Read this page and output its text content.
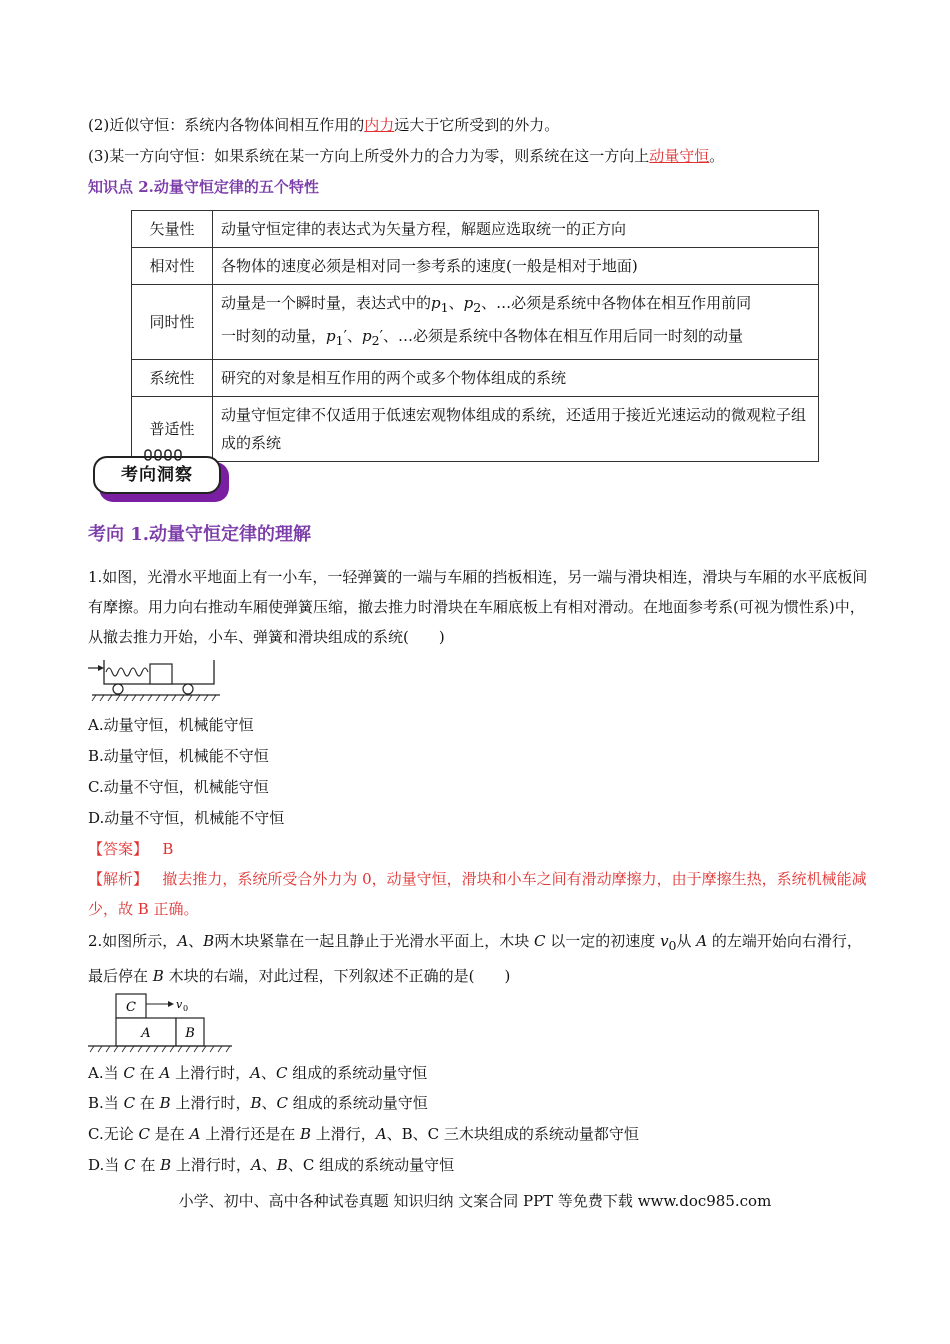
(2)近似守恒：系统内各物体间相互作用的内力远大于它所受到的外力。
(3)某一方向守恒：如果系统在某一方向上所受外力的合力为零，则系统在这一方向上动量守恒。
知识点 2.动量守恒定律的五个特性
矢量性	动量守恒定律的表达式为矢量方程，解题应选取统一的正方向
相对性	各物体的速度必须是相对同一参考系的速度(一般是相对于地面)
同时性	动量是一个瞬时量，表达式中的$p_1$、$p_2$、…必须是系统中各物体在相互作用前同
一时刻的动量，$p_1'$、$p_2'$、…必须是系统中各物体在相互作用后同一时刻的动量
系统性	研究的对象是相互作用的两个或多个物体组成的系统
普适性	动量守恒定律不仅适用于低速宏观物体组成的系统，还适用于接近光速运动的微观粒子组成的系统
考向洞察
考向 1.动量守恒定律的理解
1.如图，光滑水平地面上有一小车，一轻弹簧的一端与车厢的挡板相连，另一端与滑块相连，滑块与车厢的水平底板间有摩擦。用力向右推动车厢使弹簧压缩，撤去推力时滑块在车厢底板上有相对滑动。在地面参考系(可视为惯性系)中，从撤去推力开始，小车、弹簧和滑块组成的系统(　　)
A.动量守恒，机械能守恒
B.动量守恒，机械能不守恒
C.动量不守恒，机械能守恒
D.动量不守恒，机械能不守恒
【答案】 B
【解析】 撤去推力，系统所受合外力为 0，动量守恒，滑块和小车之间有滑动摩擦力，由于摩擦生热，系统机械能减少，故 B 正确。
2.如图所示，A、B两木块紧靠在一起且静止于光滑水平面上，木块 C 以一定的初速度 $v_0$从 A 的左端开始向右滑行，最后停在 B 木块的右端，对此过程，下列叙述不正确的是(　　)
C	v 0
A	B
A.当 C 在 A 上滑行时，A、C 组成的系统动量守恒
B.当 C 在 B 上滑行时，B、C 组成的系统动量守恒
C.无论 C 是在 A 上滑行还是在 B 上滑行，A、B、C 三木块组成的系统动量都守恒
D.当 C 在 B 上滑行时，A、B、C 组成的系统动量守恒
小学、初中、高中各种试卷真题 知识归纳 文案合同 PPT 等免费下载 www.doc985.com
